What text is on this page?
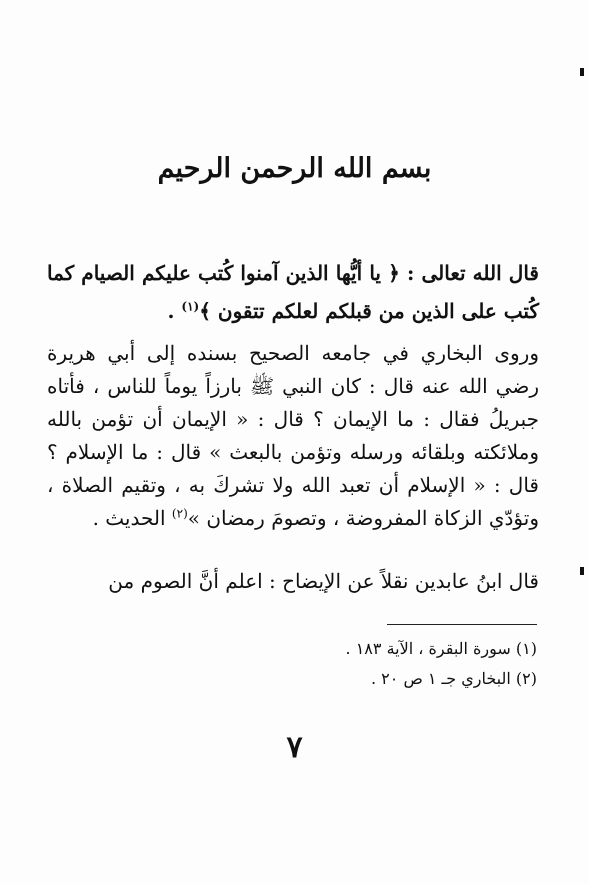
بسم الله الرحمن الرحيم
قال الله تعالى : ﴿ يا أيُّها الذين آمنوا كُتب عليكم الصيام كما كُتب على الذين من قبلكم لعلكم تتقون ﴾$^{(١)}$ .
وروى البخاري في جامعه الصحيح بسنده إلى أبي هريرة رضي الله عنه قال : كان النبي ﷺ بارزاً يوماً للناس ، فأتاه جبريلُ فقال : ما الإيمان ؟ قال : « الإيمان أن تؤمن بالله وملائكته وبلقائه ورسله وتؤمن بالبعث » قال : ما الإسلام ؟ قال : « الإسلام أن تعبد الله ولا تشركَ به ، وتقيم الصلاة ، وتؤدّي الزكاة المفروضة ، وتصومَ رمضان »$^{(٢)}$ الحديث .
قال ابنُ عابدين نقلاً عن الإيضاح : اعلم أنَّ الصوم من
(١) سورة البقرة ، الآية ١٨٣ .
(٢) البخاري جـ ١ ص ٢٠ .
٧
